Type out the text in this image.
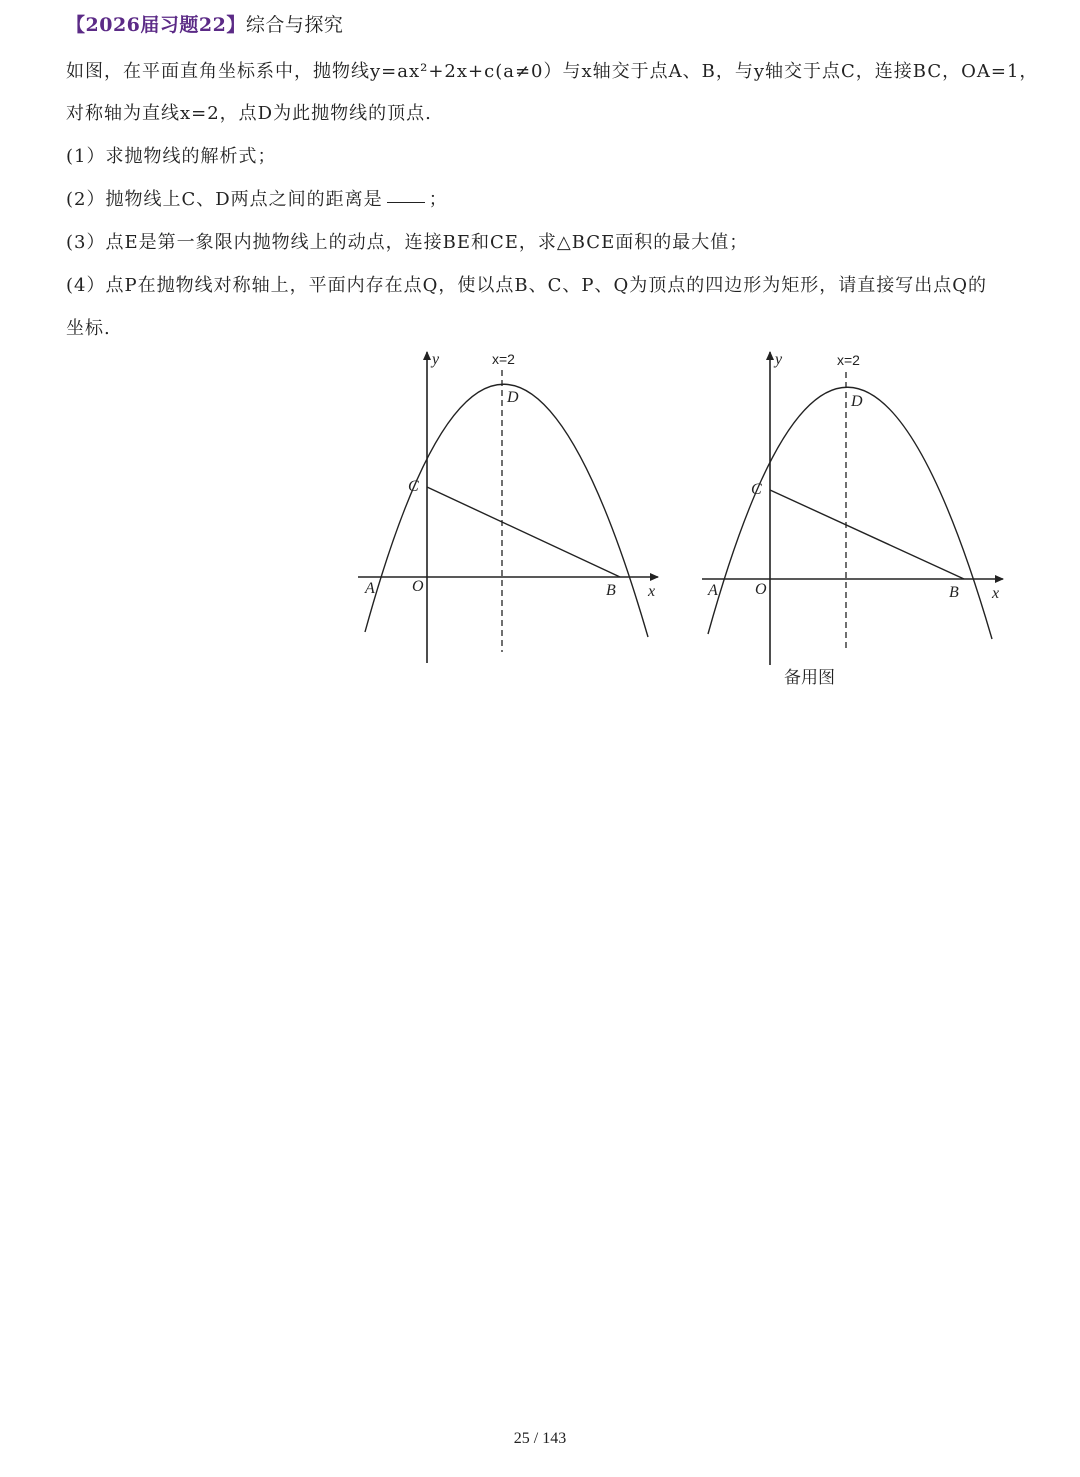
【2026届习题22】综合与探究
如图，在平面直角坐标系中，抛物线y=ax²+2x+c(a≠0）与x轴交于点A、B，与y轴交于点C，连接BC，OA=1，
对称轴为直线x=2，点D为此抛物线的顶点.
(1）求抛物线的解析式；
(2）抛物线上C、D两点之间的距离是	；
(3）点E是第一象限内抛物线上的动点，连接BE和CE，求△BCE面积的最大值；
(4）点P在抛物线对称轴上，平面内存在点Q，使以点B、C、P、Q为顶点的四边形为矩形，请直接写出点Q的
坐标.
x=2
y
x
O
A	B
C
D
x=2
y
x
O
A	B
C
D
备用图
25 / 143
